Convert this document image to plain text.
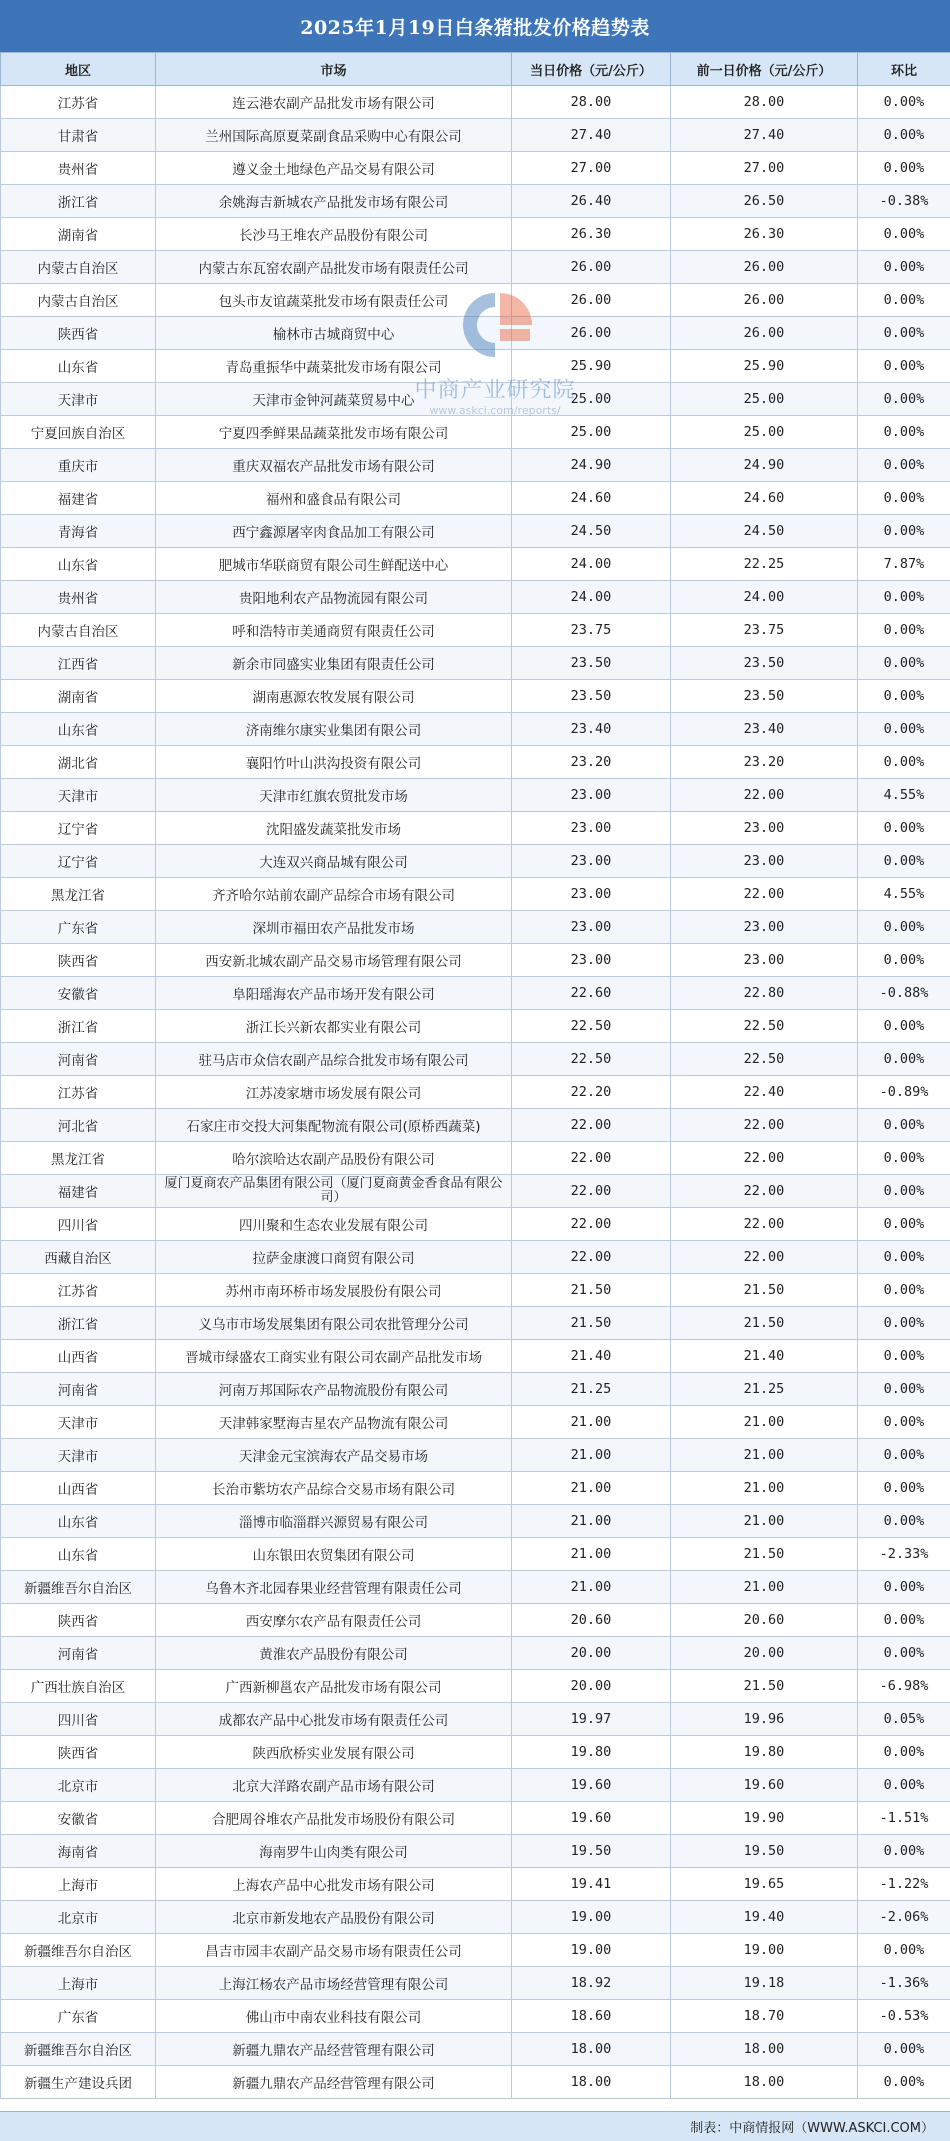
2025年1月19日白条猪批发价格趋势表
地区	市场	当日价格（元/公斤）	前一日价格（元/公斤）	环比
江苏省	连云港农副产品批发市场有限公司	28.00	28.00	0.00%
甘肃省	兰州国际高原夏菜副食品采购中心有限公司	27.40	27.40	0.00%
贵州省	遵义金土地绿色产品交易有限公司	27.00	27.00	0.00%
浙江省	余姚海吉新城农产品批发市场有限公司	26.40	26.50	-0.38%
湖南省	长沙马王堆农产品股份有限公司	26.30	26.30	0.00%
内蒙古自治区	内蒙古东瓦窑农副产品批发市场有限责任公司	26.00	26.00	0.00%
内蒙古自治区	包头市友谊蔬菜批发市场有限责任公司	26.00	26.00	0.00%
陕西省	榆林市古城商贸中心	26.00	26.00	0.00%
山东省	青岛重振华中蔬菜批发市场有限公司	25.90	25.90	0.00%
天津市	天津市金钟河蔬菜贸易中心	25.00	25.00	0.00%
宁夏回族自治区	宁夏四季鲜果品蔬菜批发市场有限公司	25.00	25.00	0.00%
重庆市	重庆双福农产品批发市场有限公司	24.90	24.90	0.00%
福建省	福州和盛食品有限公司	24.60	24.60	0.00%
青海省	西宁鑫源屠宰肉食品加工有限公司	24.50	24.50	0.00%
山东省	肥城市华联商贸有限公司生鲜配送中心	24.00	22.25	7.87%
贵州省	贵阳地利农产品物流园有限公司	24.00	24.00	0.00%
内蒙古自治区	呼和浩特市美通商贸有限责任公司	23.75	23.75	0.00%
江西省	新余市同盛实业集团有限责任公司	23.50	23.50	0.00%
湖南省	湖南惠源农牧发展有限公司	23.50	23.50	0.00%
山东省	济南维尔康实业集团有限公司	23.40	23.40	0.00%
湖北省	襄阳竹叶山洪沟投资有限公司	23.20	23.20	0.00%
天津市	天津市红旗农贸批发市场	23.00	22.00	4.55%
辽宁省	沈阳盛发蔬菜批发市场	23.00	23.00	0.00%
辽宁省	大连双兴商品城有限公司	23.00	23.00	0.00%
黑龙江省	齐齐哈尔站前农副产品综合市场有限公司	23.00	22.00	4.55%
广东省	深圳市福田农产品批发市场	23.00	23.00	0.00%
陕西省	西安新北城农副产品交易市场管理有限公司	23.00	23.00	0.00%
安徽省	阜阳瑶海农产品市场开发有限公司	22.60	22.80	-0.88%
浙江省	浙江长兴新农都实业有限公司	22.50	22.50	0.00%
河南省	驻马店市众信农副产品综合批发市场有限公司	22.50	22.50	0.00%
江苏省	江苏凌家塘市场发展有限公司	22.20	22.40	-0.89%
河北省	石家庄市交投大河集配物流有限公司(原桥西蔬菜)	22.00	22.00	0.00%
黑龙江省	哈尔滨哈达农副产品股份有限公司	22.00	22.00	0.00%
福建省	厦门夏商农产品集团有限公司（厦门夏商黄金香食品有限公司）	22.00	22.00	0.00%
四川省	四川聚和生态农业发展有限公司	22.00	22.00	0.00%
西藏自治区	拉萨金康渡口商贸有限公司	22.00	22.00	0.00%
江苏省	苏州市南环桥市场发展股份有限公司	21.50	21.50	0.00%
浙江省	义乌市市场发展集团有限公司农批管理分公司	21.50	21.50	0.00%
山西省	晋城市绿盛农工商实业有限公司农副产品批发市场	21.40	21.40	0.00%
河南省	河南万邦国际农产品物流股份有限公司	21.25	21.25	0.00%
天津市	天津韩家墅海吉星农产品物流有限公司	21.00	21.00	0.00%
天津市	天津金元宝滨海农产品交易市场	21.00	21.00	0.00%
山西省	长治市紫坊农产品综合交易市场有限公司	21.00	21.00	0.00%
山东省	淄博市临淄群兴源贸易有限公司	21.00	21.00	0.00%
山东省	山东银田农贸集团有限公司	21.00	21.50	-2.33%
新疆维吾尔自治区	乌鲁木齐北园春果业经营管理有限责任公司	21.00	21.00	0.00%
陕西省	西安摩尔农产品有限责任公司	20.60	20.60	0.00%
河南省	黄淮农产品股份有限公司	20.00	20.00	0.00%
广西壮族自治区	广西新柳邕农产品批发市场有限公司	20.00	21.50	-6.98%
四川省	成都农产品中心批发市场有限责任公司	19.97	19.96	0.05%
陕西省	陕西欣桥实业发展有限公司	19.80	19.80	0.00%
北京市	北京大洋路农副产品市场有限公司	19.60	19.60	0.00%
安徽省	合肥周谷堆农产品批发市场股份有限公司	19.60	19.90	-1.51%
海南省	海南罗牛山肉类有限公司	19.50	19.50	0.00%
上海市	上海农产品中心批发市场有限公司	19.41	19.65	-1.22%
北京市	北京市新发地农产品股份有限公司	19.00	19.40	-2.06%
新疆维吾尔自治区	昌吉市园丰农副产品交易市场有限责任公司	19.00	19.00	0.00%
上海市	上海江杨农产品市场经营管理有限公司	18.92	19.18	-1.36%
广东省	佛山市中南农业科技有限公司	18.60	18.70	-0.53%
新疆维吾尔自治区	新疆九鼎农产品经营管理有限公司	18.00	18.00	0.00%
新疆生产建设兵团	新疆九鼎农产品经营管理有限公司	18.00	18.00	0.00%
中商产业研究院
www.askci.com/reports/
制表：中商情报网（WWW.ASKCI.COM）
